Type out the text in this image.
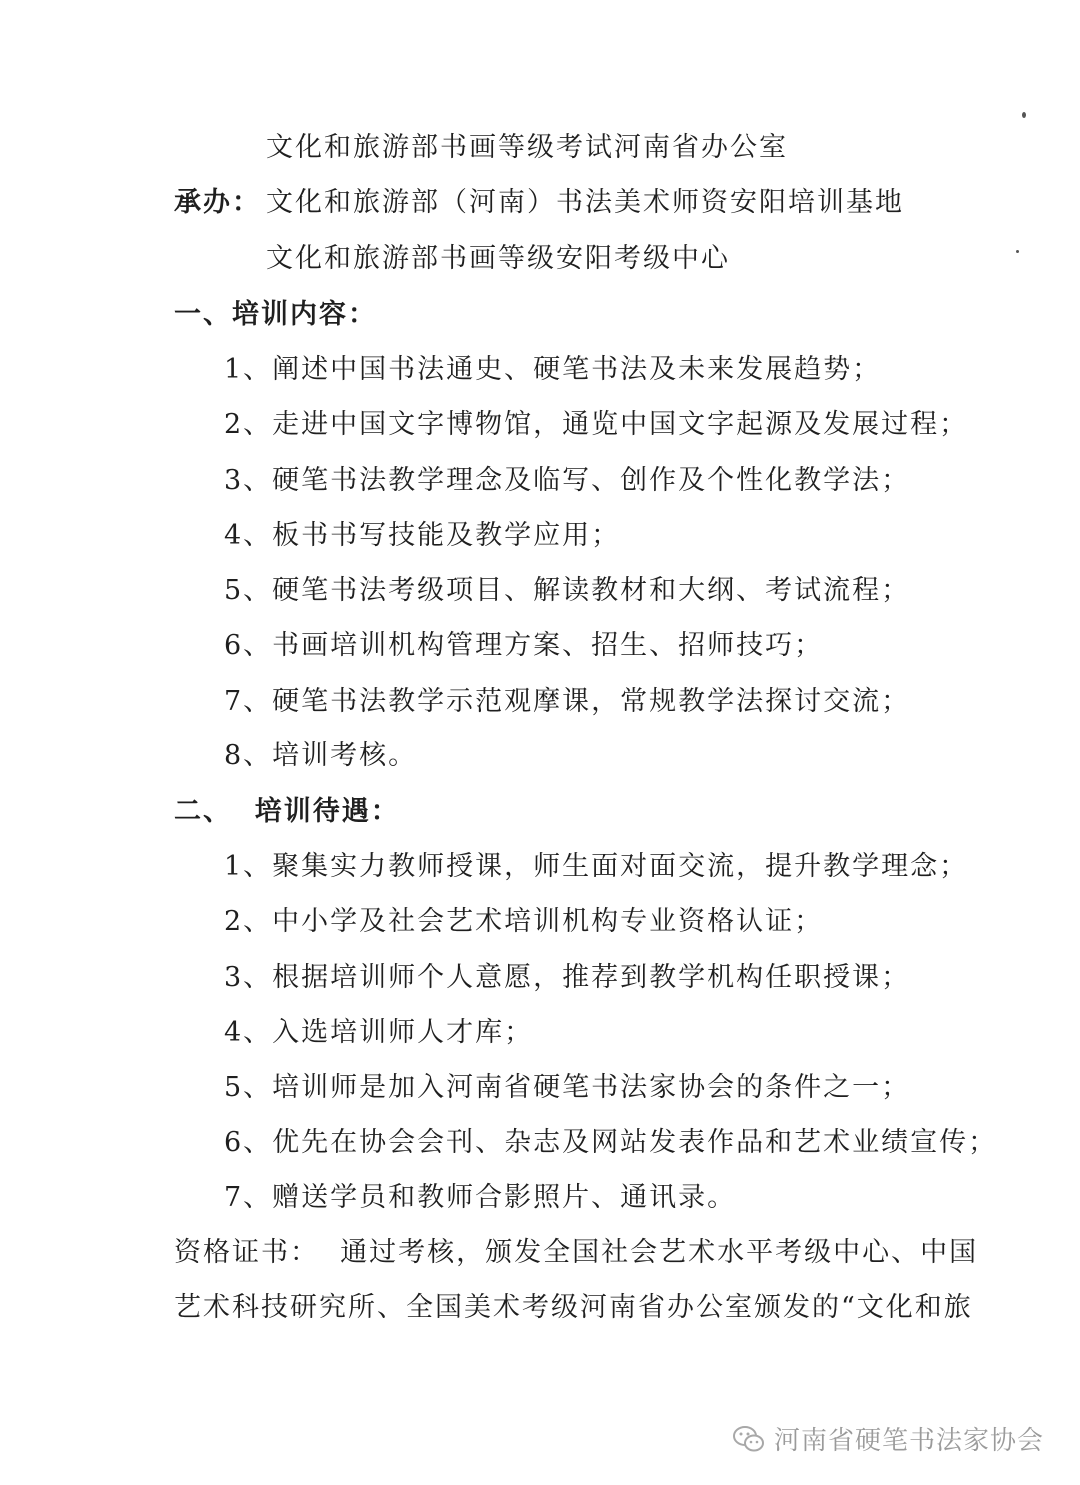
文化和旅游部书画等级考试河南省办公室
承办： 文化和旅游部（河南）书法美术师资安阳培训基地
文化和旅游部书画等级安阳考级中心
一、培训内容：
1、阐述中国书法通史、硬笔书法及未来发展趋势；
2、走进中国文字博物馆，通览中国文字起源及发展过程；
3、硬笔书法教学理念及临写、创作及个性化教学法；
4、板书书写技能及教学应用；
5、硬笔书法考级项目、解读教材和大纲、考试流程；
6、书画培训机构管理方案、招生、招师技巧；
7、硬笔书法教学示范观摩课，常规教学法探讨交流；
8、培训考核。
二、  培训待遇：
1、聚集实力教师授课，师生面对面交流，提升教学理念；
2、中小学及社会艺术培训机构专业资格认证；
3、根据培训师个人意愿，推荐到教学机构任职授课；
4、入选培训师人才库；
5、培训师是加入河南省硬笔书法家协会的条件之一；
6、优先在协会会刊、杂志及网站发表作品和艺术业绩宣传；
7、赠送学员和教师合影照片、通讯录。
资格证书：  通过考核，颁发全国社会艺术水平考级中心、中国
艺术科技研究所、全国美术考级河南省办公室颁发的“文化和旅
河南省硬笔书法家协会
